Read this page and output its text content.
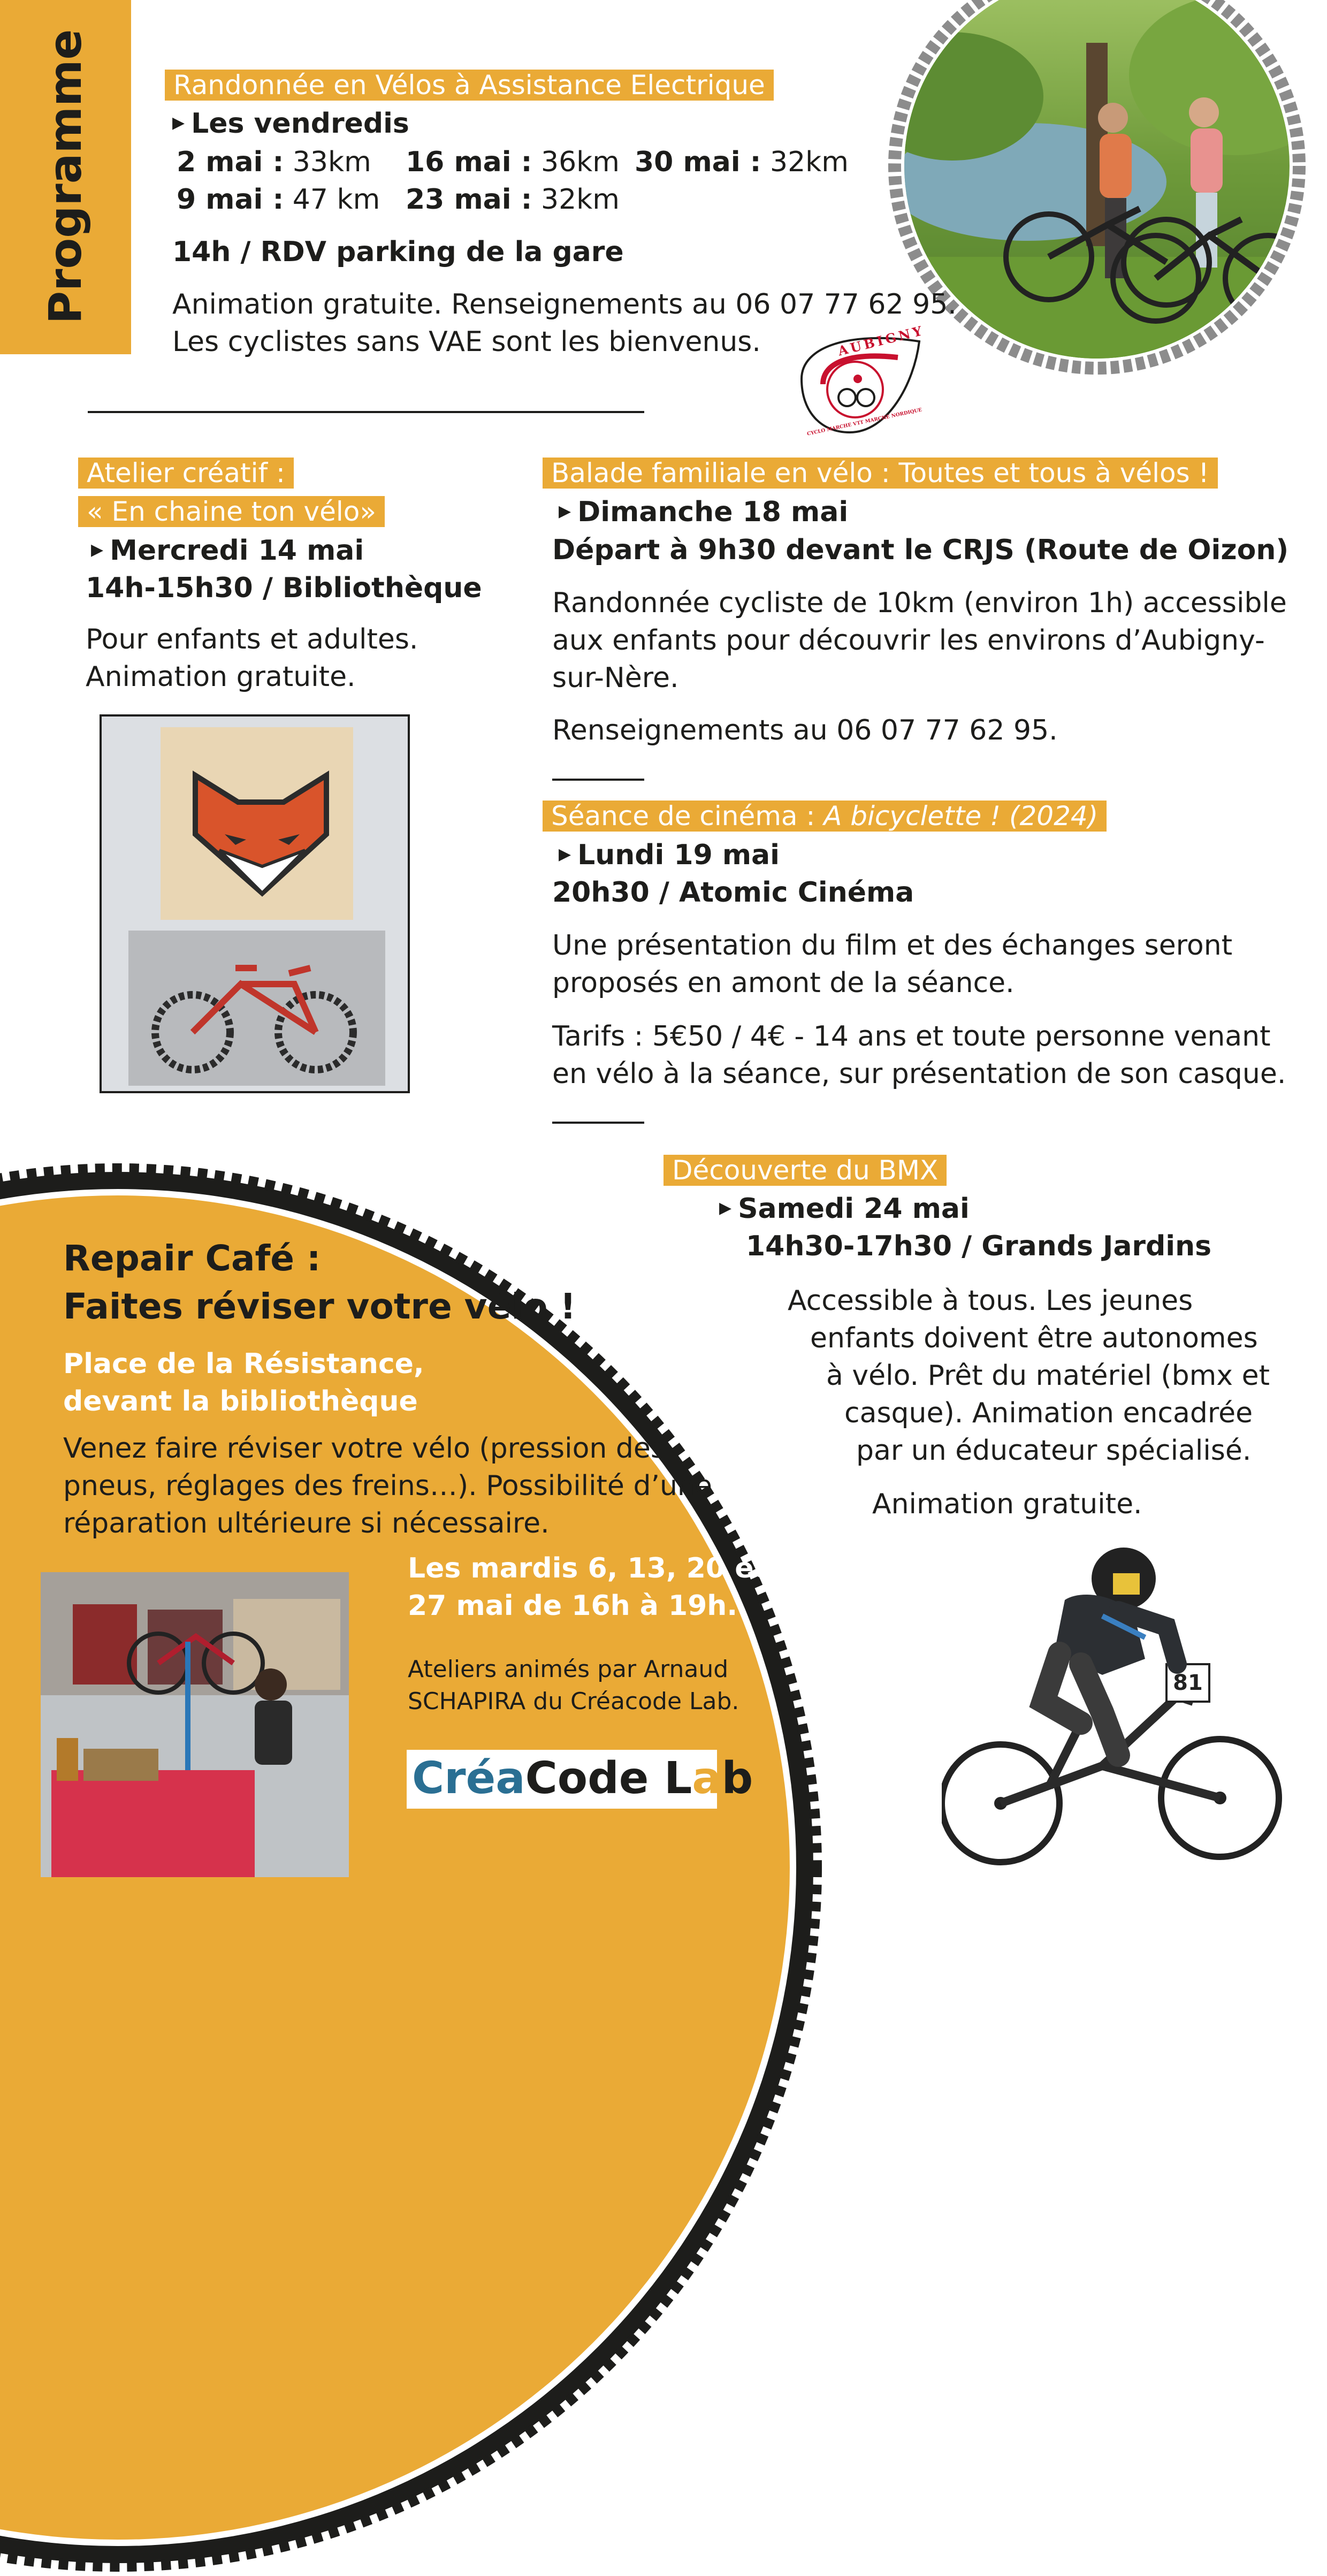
Programme	Randonnée en Vélos à Assistance Electrique
▶ Les vendredis
2 mai : 33km 16 mai : 36km 30 mai : 32km
9 mai : 47 km 23 mai : 32km
14h / RDV parking de la gare
Animation gratuite. Renseignements au 06 07 77 62 95.
Les cyclistes sans VAE sont les bienvenus.	AUBIGNY
CYCLO MARCHE VTT MARCHE NORDIQUE
Atelier créatif :
« En chaine ton vélo»
▶ Mercredi 14 mai
14h-15h30 / Bibliothèque
Pour enfants et adultes.
Animation gratuite.
Balade familiale en vélo : Toutes et tous à vélos !
▶ Dimanche 18 mai
Départ à 9h30 devant le CRJS (Route de Oizon)
Randonnée cycliste de 10km (environ 1h) accessible
aux enfants pour découvrir les environs d’Aubigny-
sur-Nère.
Renseignements au 06 07 77 62 95.
Séance de cinéma : A bicyclette ! (2024)
▶ Lundi 19 mai
20h30 / Atomic Cinéma
Une présentation du film et des échanges seront
proposés en amont de la séance.
Tarifs : 5€50 / 4€ - 14 ans et toute personne venant
en vélo à la séance, sur présentation de son casque.
Repair Café :
Faites réviser votre vélo !
Place de la Résistance,
devant la bibliothèque
Venez faire réviser votre vélo (pression des
pneus, réglages des freins…). Possibilité d’une
réparation ultérieure si nécessaire.
Les mardis 6, 13, 20 et
27 mai de 16h à 19h.
Ateliers animés par Arnaud
SCHAPIRA du Créacode Lab.
CréaCode Lab
Découverte du BMX
▶ Samedi 24 mai
14h30-17h30 / Grands Jardins
Accessible à tous. Les jeunes
enfants doivent être autonomes
à vélo. Prêt du matériel (bmx et
casque). Animation encadrée
par un éducateur spécialisé.
Animation gratuite.
81
